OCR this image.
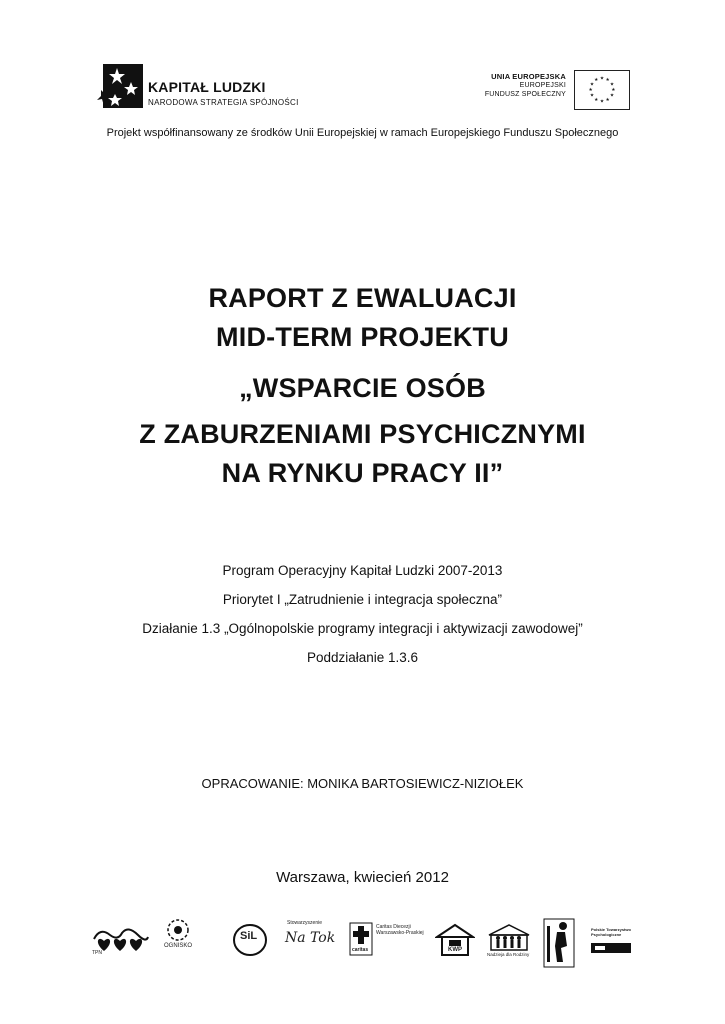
KAPITAŁ LUDZKI
NARODOWA STRATEGIA SPÓJNOŚCI
UNIA EUROPEJSKA
EUROPEJSKI
FUNDUSZ SPOŁECZNY
★ ★
★
★
★
★
★
★
★
★
★
★
Projekt współfinansowany ze środków Unii Europejskiej w ramach Europejskiego Funduszu Społecznego
RAPORT Z EWALUACJI
MID-TERM PROJEKTU
„WSPARCIE OSÓB
Z ZABURZENIAMI PSYCHICZNYMI
NA RYNKU PRACY II”
Program Operacyjny Kapitał Ludzki 2007-2013
Priorytet I „Zatrudnienie i integracja społeczna”
Działanie 1.3 „Ogólnopolskie programy integracji i aktywizacji zawodowej”
Poddziałanie 1.3.6
OPRACOWANIE: MONIKA BARTOSIEWICZ-NIZIOŁEK
Warszawa, kwiecień 2012
TPN
OGNISKO
SiL
Stowarzyszenie
Na Tok
caritas
Caritas Diecezji Warszawsko-Praskiej
KWP
Nadzieja dla Rodziny
Polskie Towarzystwo Psychologiczne
